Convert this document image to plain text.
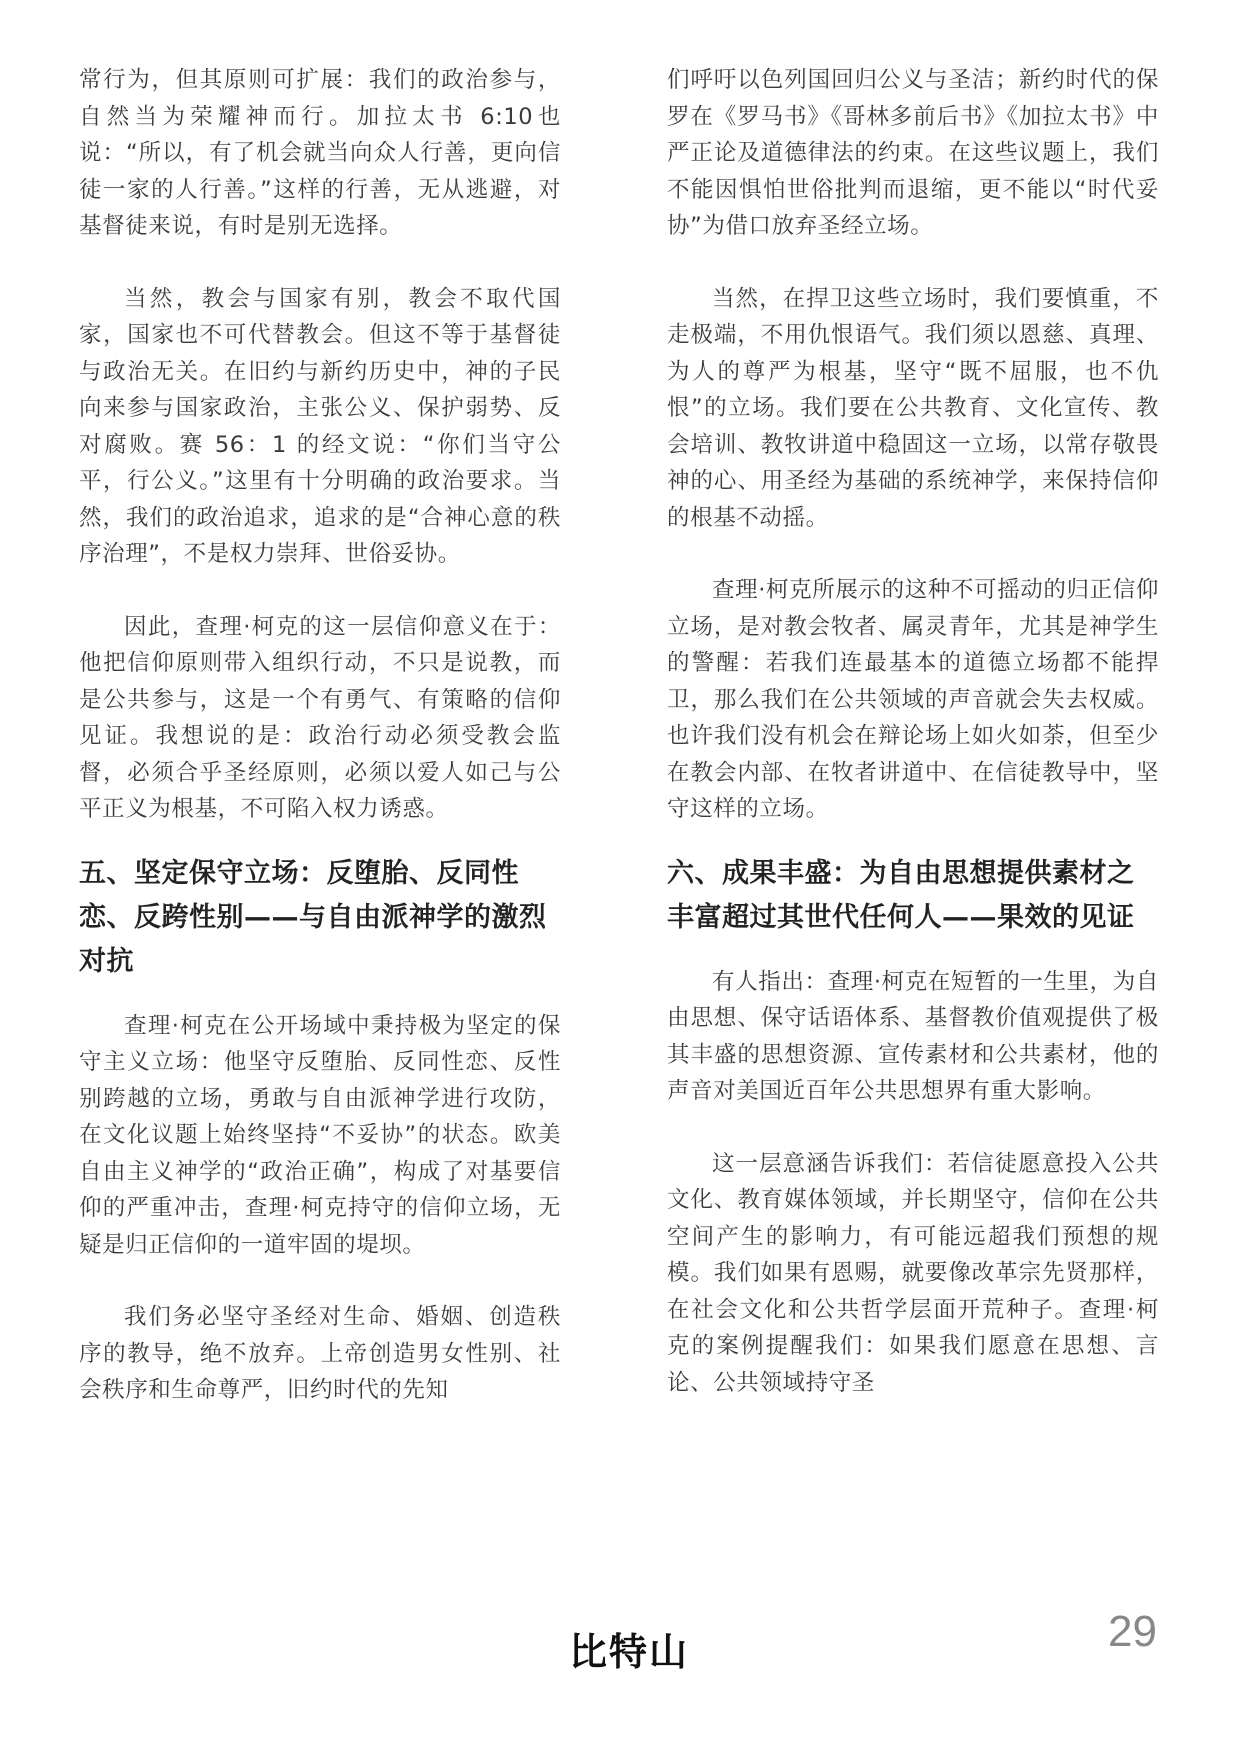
常行为，但其原则可扩展：我们的政治参与，自然当为荣耀神而行。加拉太书 6:10也说：“所以，有了机会就当向众人行善，更向信徒一家的人行善。”这样的行善，无从逃避，对基督徒来说，有时是别无选择。

当然，教会与国家有别，教会不取代国家，国家也不可代替教会。但这不等于基督徒与政治无关。在旧约与新约历史中，神的子民向来参与国家政治，主张公义、保护弱势、反对腐败。赛 56：1 的经文说：“你们当守公平，行公义。”这里有十分明确的政治要求。当然，我们的政治追求，追求的是“合神心意的秩序治理”，不是权力崇拜、世俗妥协。

因此，查理·柯克的这一层信仰意义在于：他把信仰原则带入组织行动，不只是说教，而是公共参与，这是一个有勇气、有策略的信仰见证。我想说的是：政治行动必须受教会监督，必须合乎圣经原则，必须以爱人如己与公平正义为根基，不可陷入权力诱惑。

五、坚定保守立场：反堕胎、反同性恋、反跨性别——与自由派神学的激烈对抗

查理·柯克在公开场域中秉持极为坚定的保守主义立场：他坚守反堕胎、反同性恋、反性别跨越的立场，勇敢与自由派神学进行攻防，在文化议题上始终坚持“不妥协”的状态。欧美自由主义神学的“政治正确”，构成了对基要信仰的严重冲击，查理·柯克持守的信仰立场，无疑是归正信仰的一道牢固的堤坝。

我们务必坚守圣经对生命、婚姻、创造秩序的教导，绝不放弃。上帝创造男女性别、社会秩序和生命尊严，旧约时代的先知

们呼吁以色列国回归公义与圣洁；新约时代的保罗在《罗马书》《哥林多前后书》《加拉太书》中严正论及道德律法的约束。在这些议题上，我们不能因惧怕世俗批判而退缩，更不能以“时代妥协”为借口放弃圣经立场。

当然，在捍卫这些立场时，我们要慎重，不走极端，不用仇恨语气。我们须以恩慈、真理、为人的尊严为根基，坚守“既不屈服，也不仇恨”的立场。我们要在公共教育、文化宣传、教会培训、教牧讲道中稳固这一立场，以常存敬畏神的心、用圣经为基础的系统神学，来保持信仰的根基不动摇。

查理·柯克所展示的这种不可摇动的归正信仰立场，是对教会牧者、属灵青年，尤其是神学生的警醒：若我们连最基本的道德立场都不能捍卫，那么我们在公共领域的声音就会失去权威。也许我们没有机会在辩论场上如火如荼，但至少在教会内部、在牧者讲道中、在信徒教导中，坚守这样的立场。

六、成果丰盛：为自由思想提供素材之丰富超过其世代任何人——果效的见证

有人指出：查理·柯克在短暂的一生里，为自由思想、保守话语体系、基督教价值观提供了极其丰盛的思想资源、宣传素材和公共素材，他的声音对美国近百年公共思想界有重大影响。

这一层意涵告诉我们：若信徒愿意投入公共文化、教育媒体领域，并长期坚守，信仰在公共空间产生的影响力，有可能远超我们预想的规模。我们如果有恩赐，就要像改革宗先贤那样，在社会文化和公共哲学层面开荒种子。查理·柯克的案例提醒我们：如果我们愿意在思想、言论、公共领域持守圣

比特山	29
